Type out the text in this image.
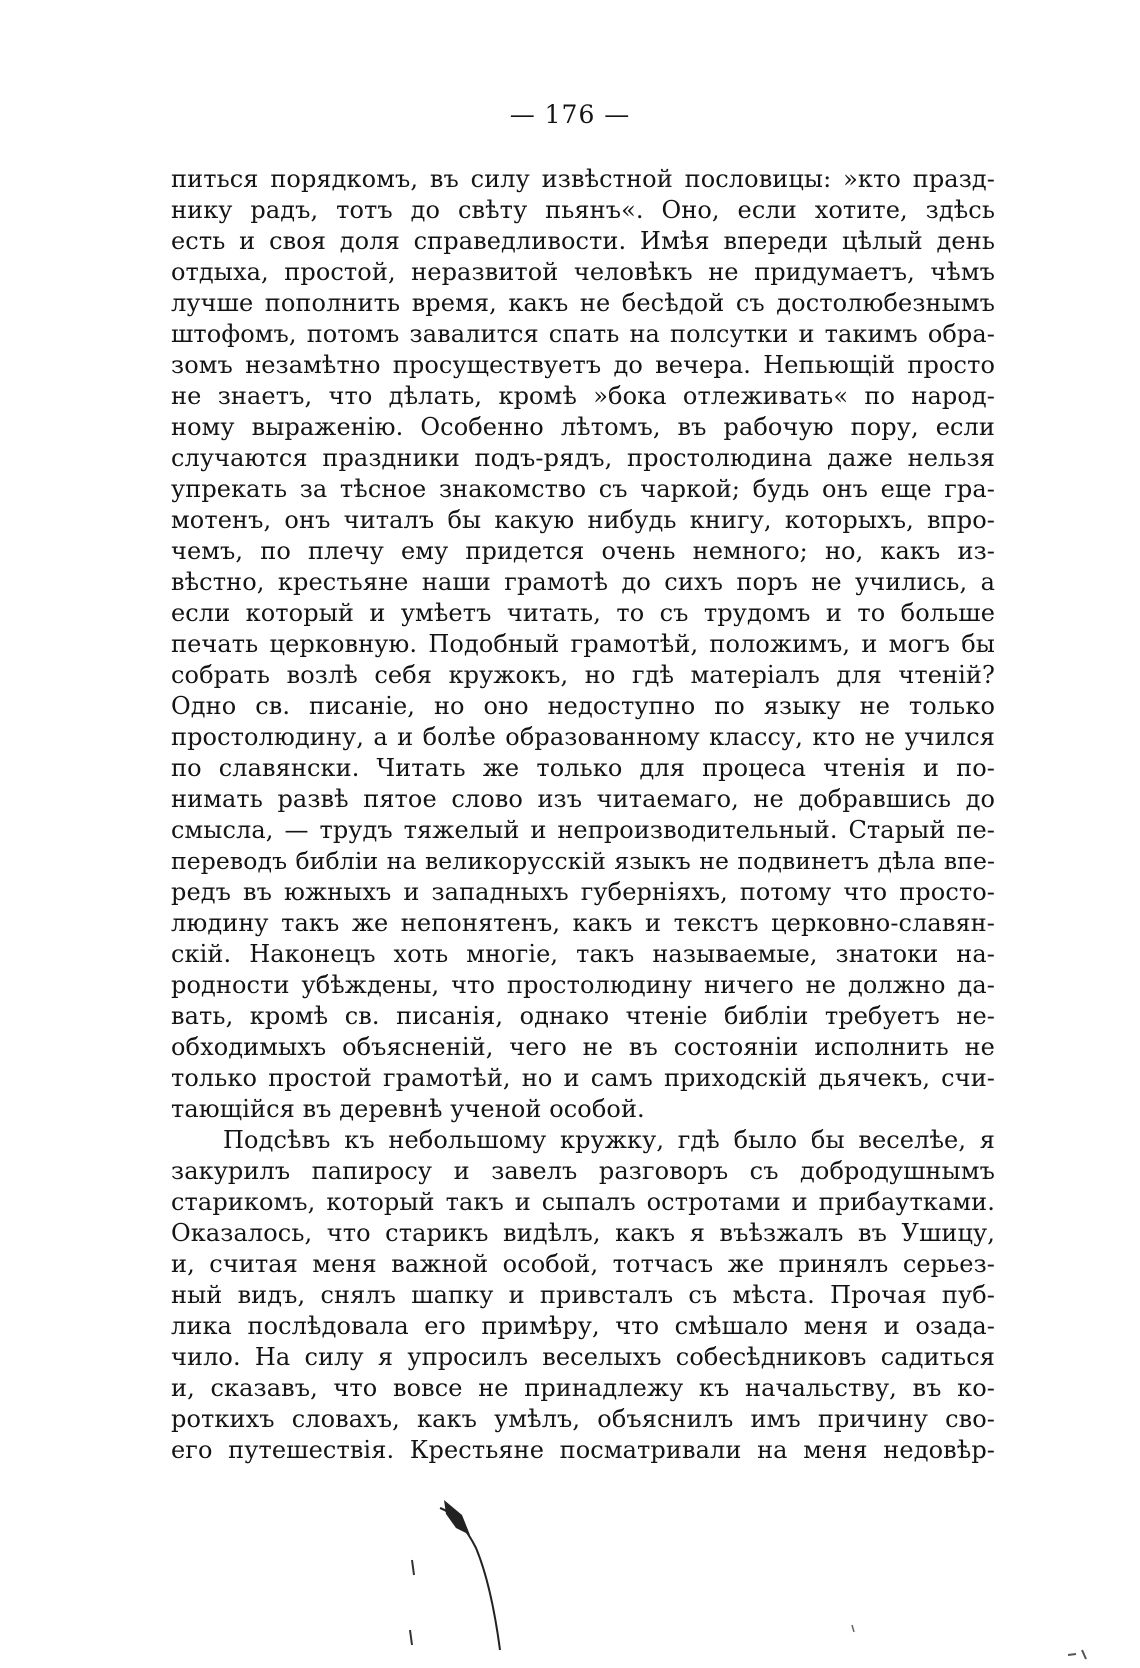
— 176 —
питься порядкомъ, въ силу извѣстной пословицы: »кто празд-
нику радъ, тотъ до свѣту пьянъ«. Оно, если хотите, здѣсь
есть и своя доля справедливости. Имѣя впереди цѣлый день
отдыха, простой, неразвитой человѣкъ не придумаетъ, чѣмъ
лучше пополнить время, какъ не бесѣдой съ достолюбезнымъ
штофомъ, потомъ завалится спать на полсутки и такимъ обра-
зомъ незамѣтно просуществуетъ до вечера. Непьющій просто
не знаетъ, что дѣлать, кромѣ »бока отлеживать« по народ-
ному выраженію. Особенно лѣтомъ, въ рабочую пору, если
случаются праздники подъ-рядъ, простолюдина даже нельзя
упрекать за тѣсное знакомство съ чаркой; будь онъ еще гра-
мотенъ, онъ читалъ бы какую нибудь книгу, которыхъ, впро-
чемъ, по плечу ему придется очень немного; но, какъ из-
вѣстно, крестьяне наши грамотѣ до сихъ поръ не учились, а
если который и умѣетъ читать, то съ трудомъ и то больше
печать церковную. Подобный грамотѣй, положимъ, и могъ бы
собрать возлѣ себя кружокъ, но гдѣ матеріалъ для чтеній?
Одно св. писаніе, но оно недоступно по языку не только
простолюдину, а и болѣе образованному классу, кто не учился
по славянски. Читать же только для процеса чтенія и по-
нимать развѣ пятое слово изъ читаемаго, не добравшись до
смысла, — трудъ тяжелый и непроизводительный. Старый пе-
переводъ библіи на великорусскій языкъ не подвинетъ дѣла впе-
редъ въ южныхъ и западныхъ губерніяхъ, потому что просто-
людину такъ же непонятенъ, какъ и текстъ церковно-славян-
скій. Наконецъ хоть многіе, такъ называемые, знатоки на-
родности убѣждены, что простолюдину ничего не должно да-
вать, кромѣ св. писанія, однако чтеніе библіи требуетъ не-
обходимыхъ объясненій, чего не въ состояніи исполнить не
только простой грамотѣй, но и самъ приходскій дьячекъ, счи-
тающійся въ деревнѣ ученой особой.
Подсѣвъ къ небольшому кружку, гдѣ было бы веселѣе, я
закурилъ папиросу и завелъ разговоръ съ добродушнымъ
старикомъ, который такъ и сыпалъ остротами и прибаутками.
Оказалось, что старикъ видѣлъ, какъ я въѣзжалъ въ Ушицу,
и, считая меня важной особой, тотчасъ же принялъ серьез-
ный видъ, снялъ шапку и привсталъ съ мѣста. Прочая пуб-
лика послѣдовала его примѣру, что смѣшало меня и озада-
чило. На силу я упросилъ веселыхъ собесѣдниковъ садиться
и, сказавъ, что вовсе не принадлежу къ начальству, въ ко-
роткихъ словахъ, какъ умѣлъ, объяснилъ имъ причину сво-
его путешествія. Крестьяне посматривали на меня недовѣр-
